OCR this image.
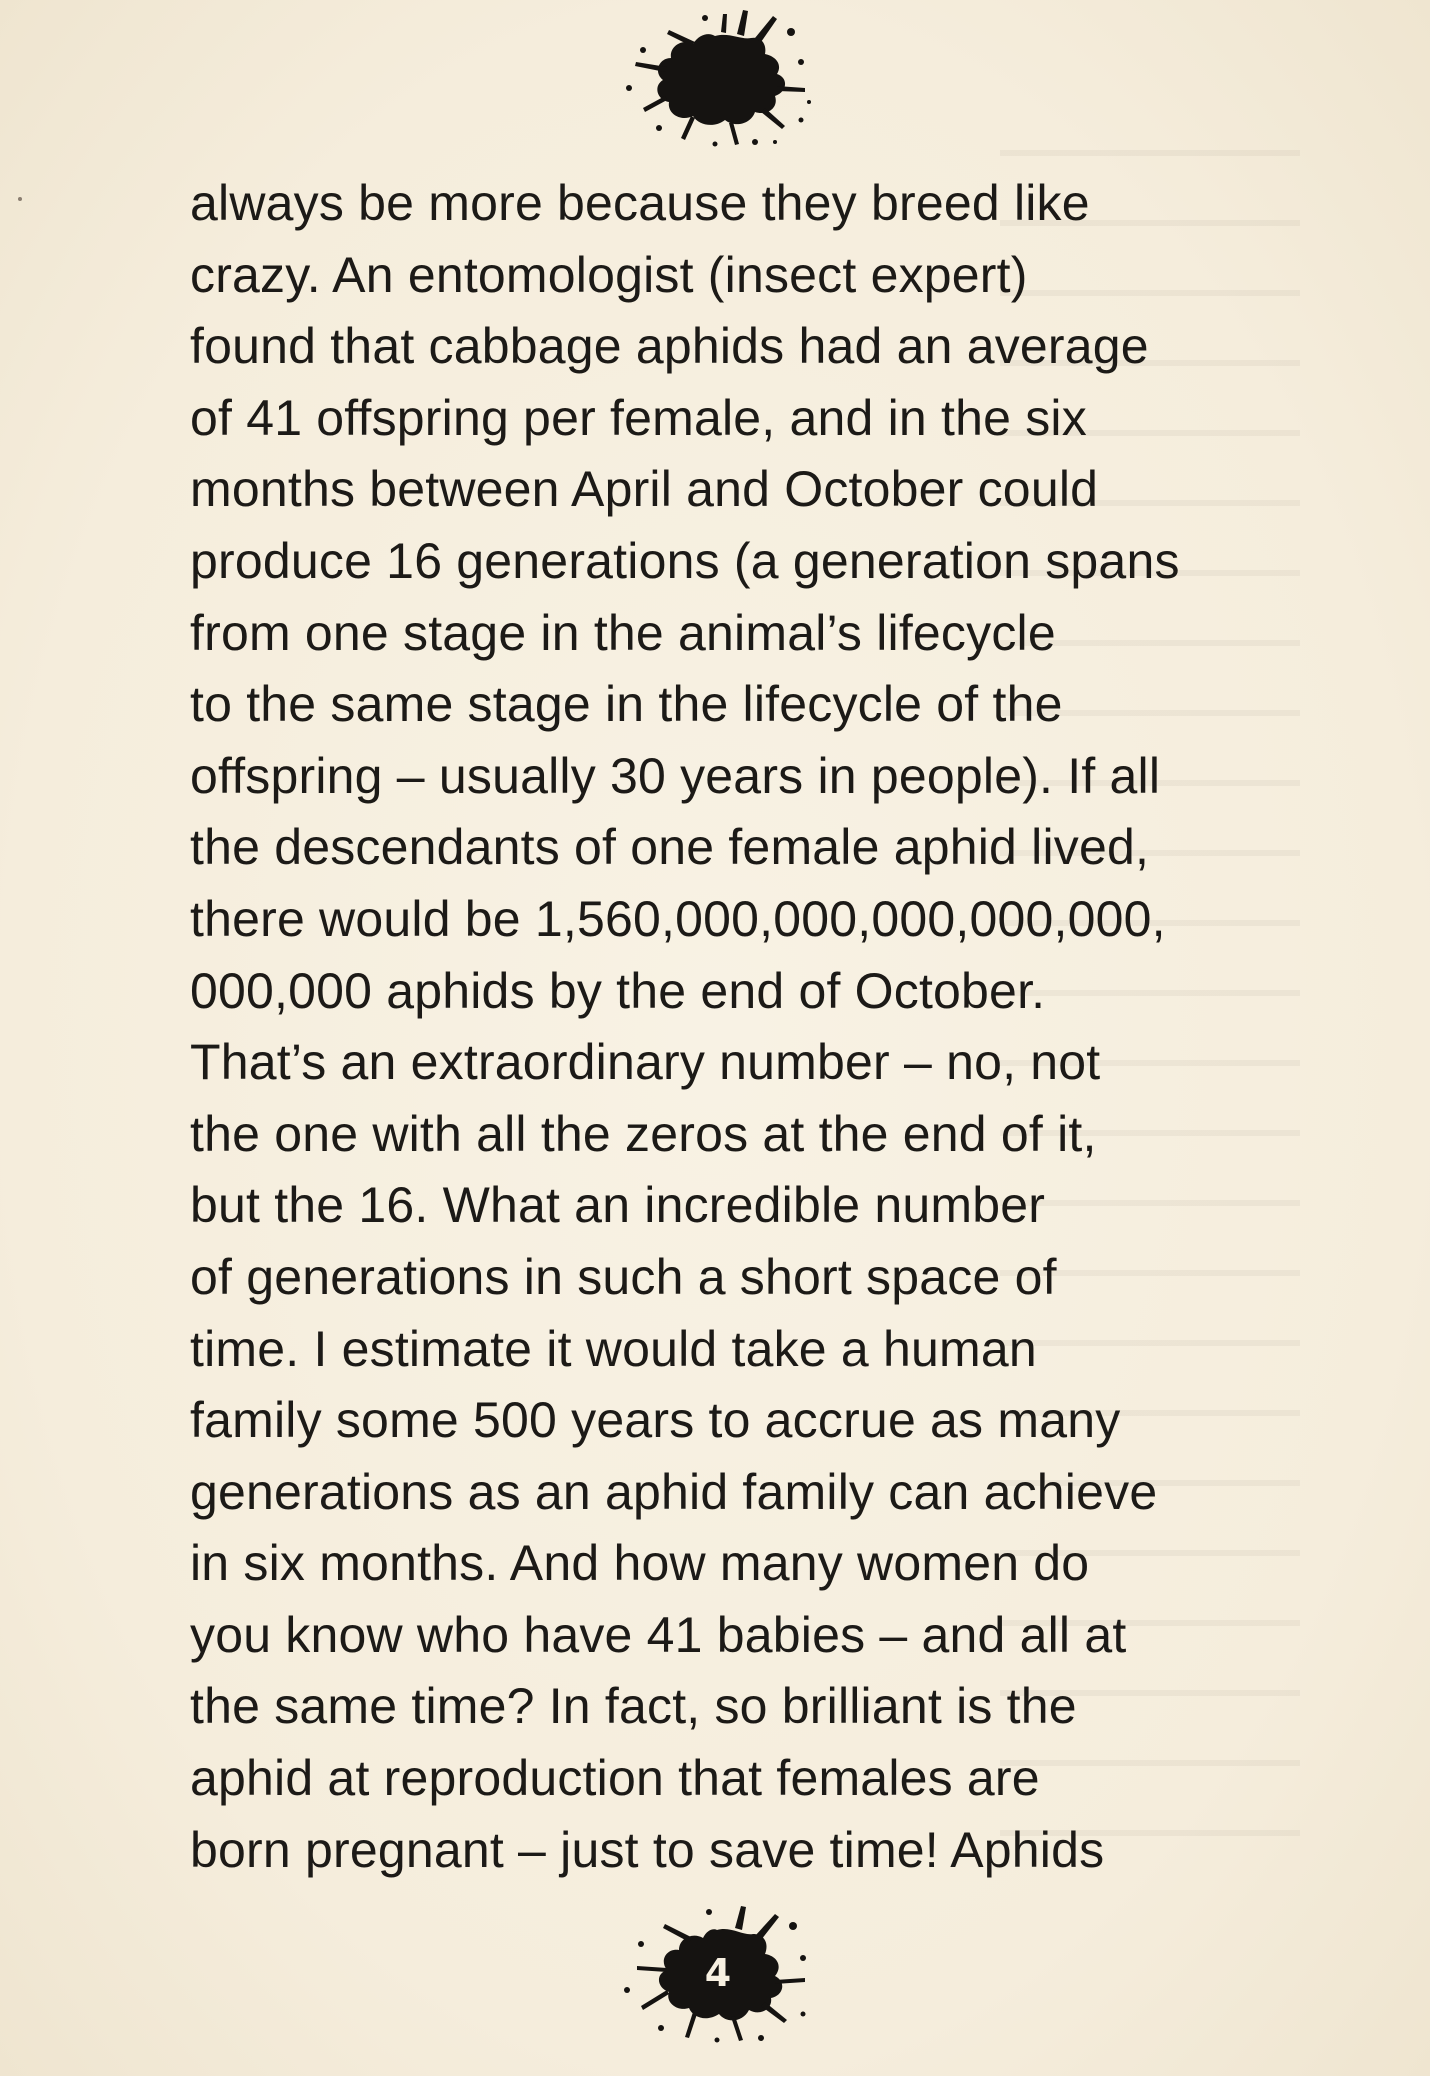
always be more because they breed like
crazy. An entomologist (insect expert)
found that cabbage aphids had an average
of 41 offspring per female, and in the six
months between April and October could
produce 16 generations (a generation spans
from one stage in the animal’s lifecycle
to the same stage in the lifecycle of the
offspring – usually 30 years in people). If all
the descendants of one female aphid lived,
there would be 1,560,000,000,000,000,000,
000,000 aphids by the end of October.
That’s an extraordinary number – no, not
the one with all the zeros at the end of it,
but the 16. What an incredible number
of generations in such a short space of
time. I estimate it would take a human
family some 500 years to accrue as many
generations as an aphid family can achieve
in six months. And how many women do
you know who have 41 babies – and all at
the same time? In fact, so brilliant is the
aphid at reproduction that females are
born pregnant – just to save time! Aphids
4
